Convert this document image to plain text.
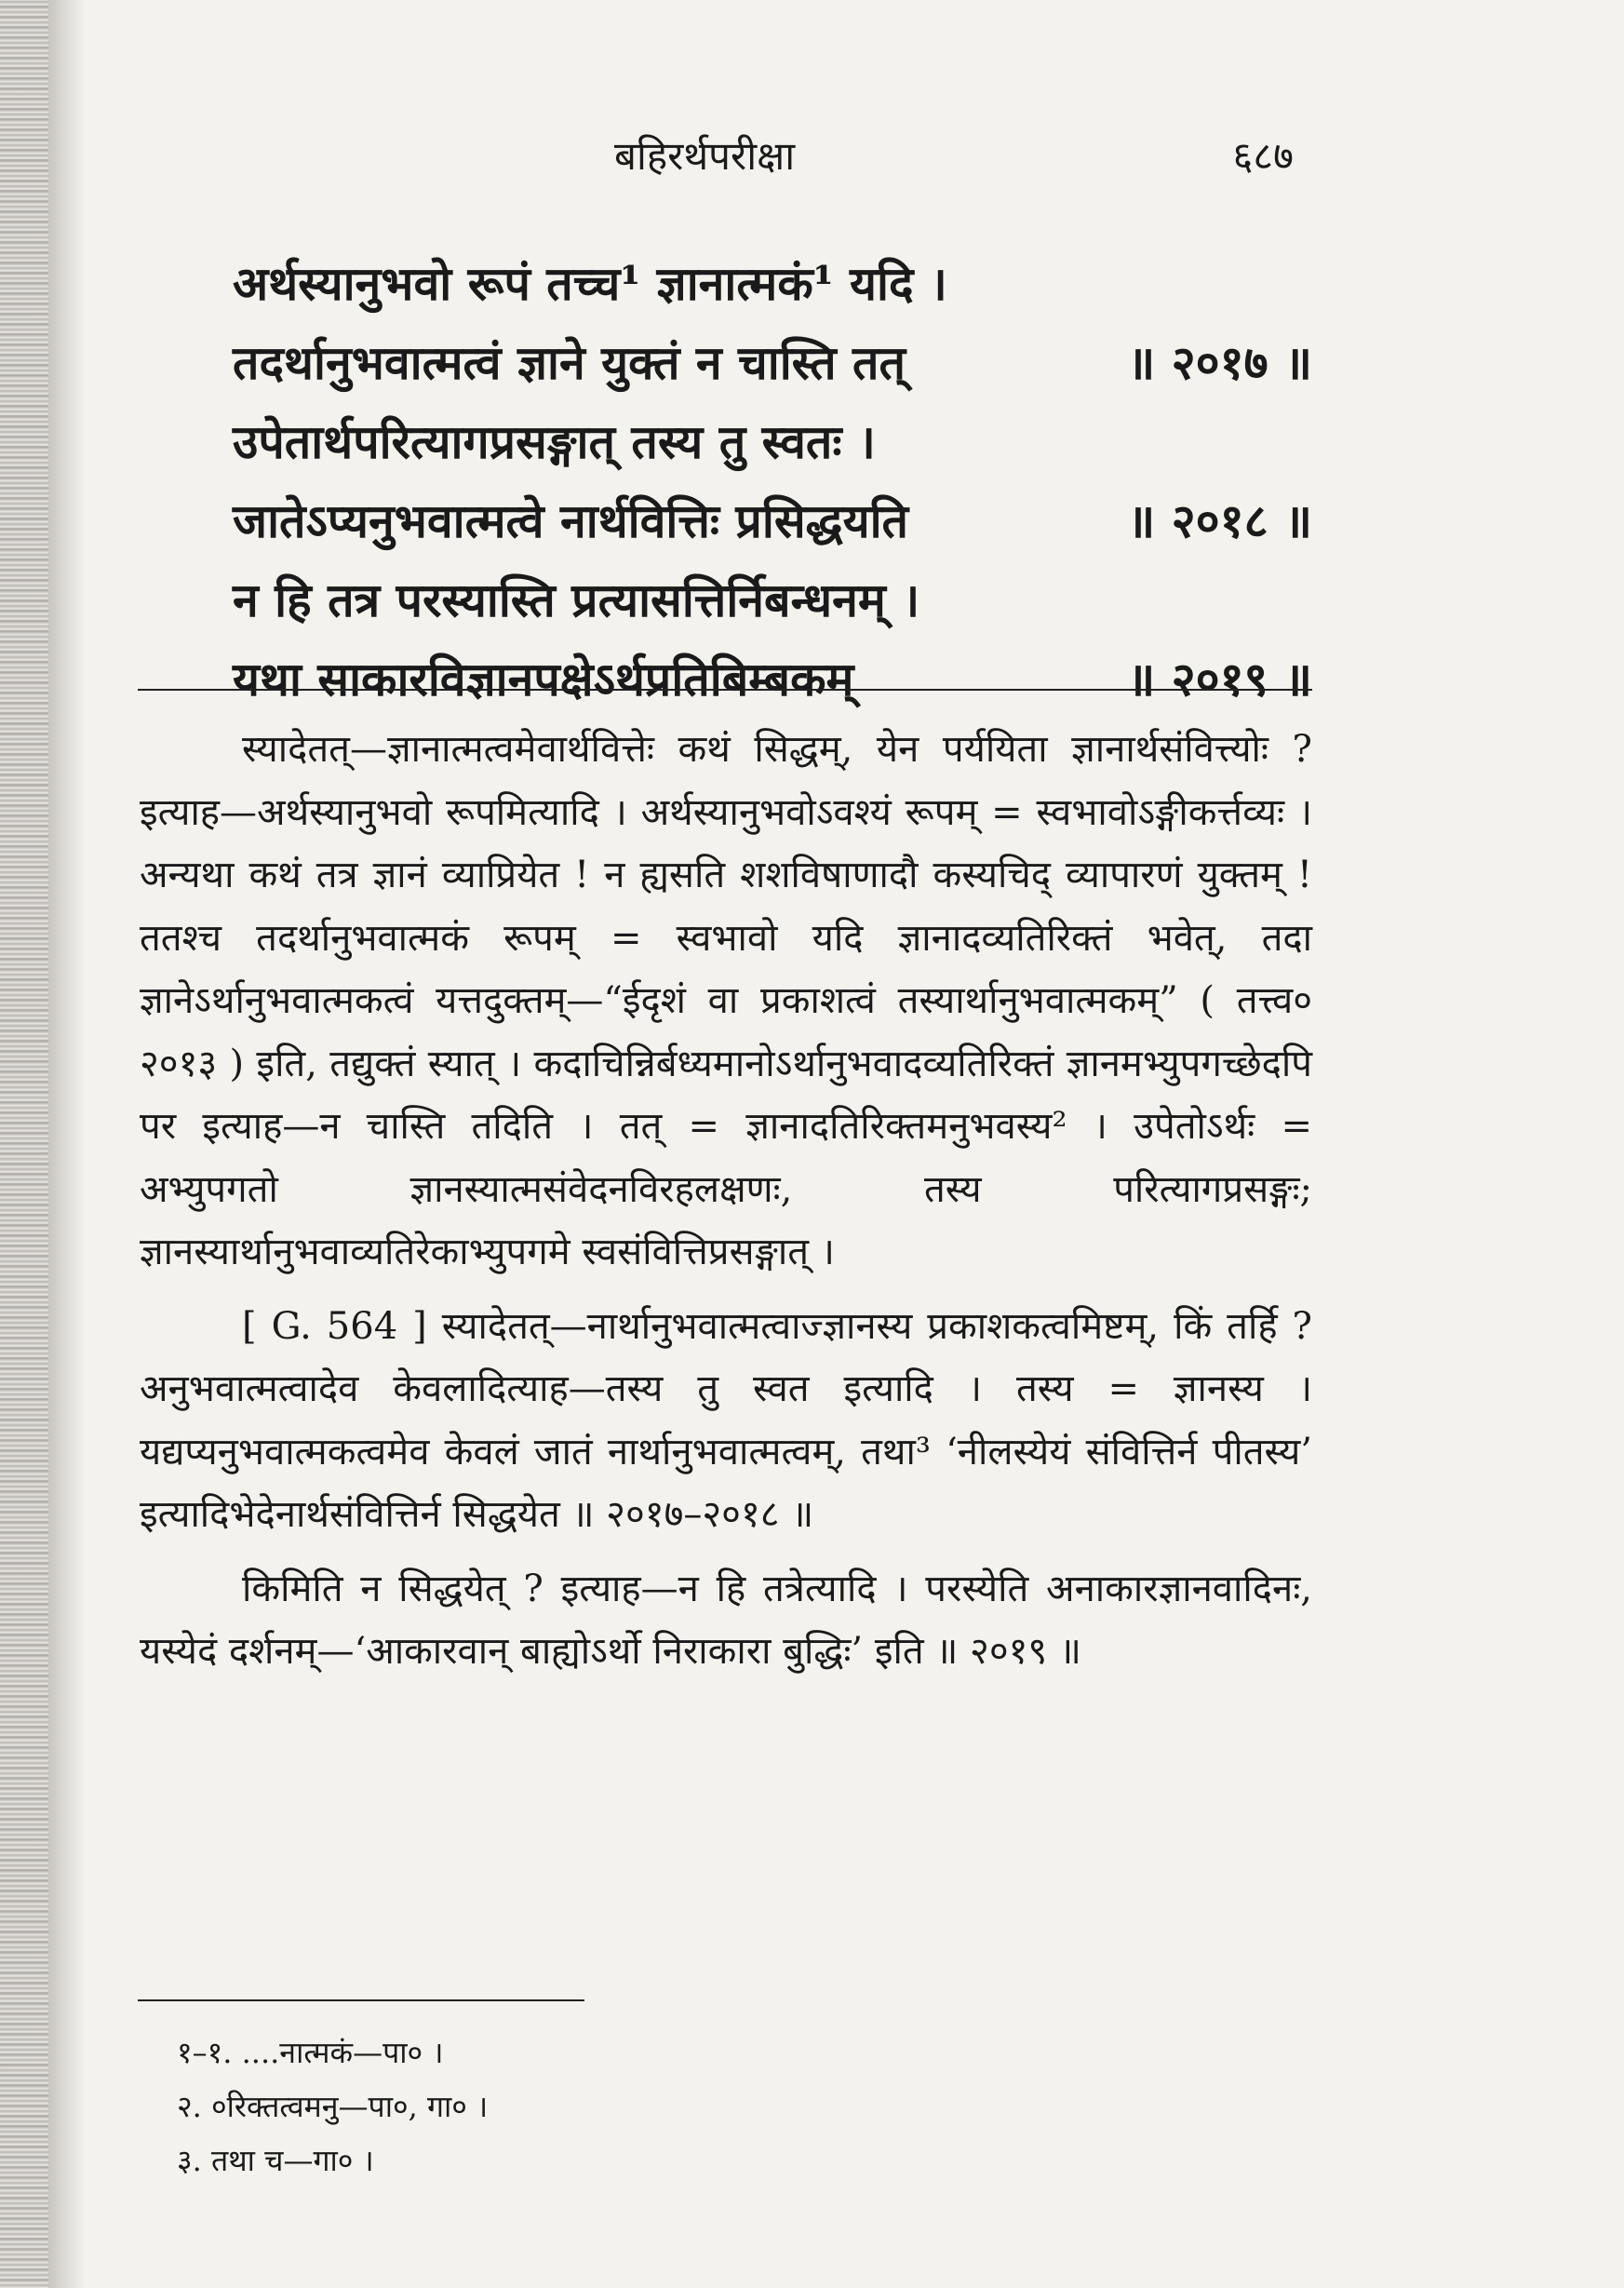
बहिरर्थपरीक्षा	६८७
अर्थस्यानुभवो रूपं तच्च¹ ज्ञानात्मकं¹ यदि ।
तदर्थानुभवात्मत्वं ज्ञाने युक्तं न चास्ति तत्	॥ २०१७ ॥
उपेतार्थपरित्यागप्रसङ्गात् तस्य तु स्वतः ।
जातेऽप्यनुभवात्मत्वे नार्थवित्तिः प्रसिद्धयति	॥ २०१८ ॥
न हि तत्र परस्यास्ति प्रत्यासत्तिर्निबन्धनम् ।
यथा साकारविज्ञानपक्षेऽर्थप्रतिबिम्बकम्	॥ २०१९ ॥

स्यादेतत्—ज्ञानात्मत्वमेवार्थवित्तेः कथं सिद्धम्, येन पर्ययिता ज्ञानार्थसंवित्त्योः ? इत्याह—अर्थस्यानुभवो रूपमित्यादि । अर्थस्यानुभवोऽवश्यं रूपम् = स्वभावोऽङ्गीकर्त्तव्यः । अन्यथा कथं तत्र ज्ञानं व्याप्रियेत ! न ह्यसति शशविषाणादौ कस्यचिद् व्यापारणं युक्तम् ! ततश्च तदर्थानुभवात्मकं रूपम् = स्वभावो यदि ज्ञानादव्यतिरिक्तं भवेत्, तदा ज्ञानेऽर्थानुभवात्मकत्वं यत्तदुक्तम्—“ईदृशं वा प्रकाशत्वं तस्यार्थानुभवात्मकम्” ( तत्त्व० २०१३ ) इति, तद्युक्तं स्यात् । कदाचिन्निर्बध्यमानोऽर्थानुभवादव्यतिरिक्तं ज्ञानमभ्युपगच्छेदपि पर इत्याह—न चास्ति तदिति । तत् = ज्ञानादतिरिक्तमनुभवस्य² । उपेतोऽर्थः = अभ्युपगतो ज्ञानस्यात्मसंवेदनविरहलक्षणः, तस्य परित्यागप्रसङ्गः; ज्ञानस्यार्थानुभवाव्यतिरेकाभ्युपगमे स्वसंवित्तिप्रसङ्गात् ।

[ G. 564 ] स्यादेतत्—नार्थानुभवात्मत्वाज्ज्ञानस्य प्रकाशकत्वमिष्टम्, किं तर्हि ? अनुभवात्मत्वादेव केवलादित्याह—तस्य तु स्वत इत्यादि । तस्य = ज्ञानस्य । यद्यप्यनुभवात्मकत्वमेव केवलं जातं नार्थानुभवात्मत्वम्, तथा³ ‘नीलस्येयं संवित्तिर्न पीतस्य’ इत्यादिभेदेनार्थसंवित्तिर्न सिद्धयेत ॥ २०१७–२०१८ ॥

किमिति न सिद्धयेत् ? इत्याह—न हि तत्रेत्यादि । परस्येति अनाकारज्ञानवादिनः, यस्येदं दर्शनम्—‘आकारवान् बाह्योऽर्थो निराकारा बुद्धिः’ इति ॥ २०१९ ॥

१–१. ....नात्मकं—पा० ।
२. ०रिक्तत्वमनु—पा०, गा० ।
३. तथा च—गा० ।
